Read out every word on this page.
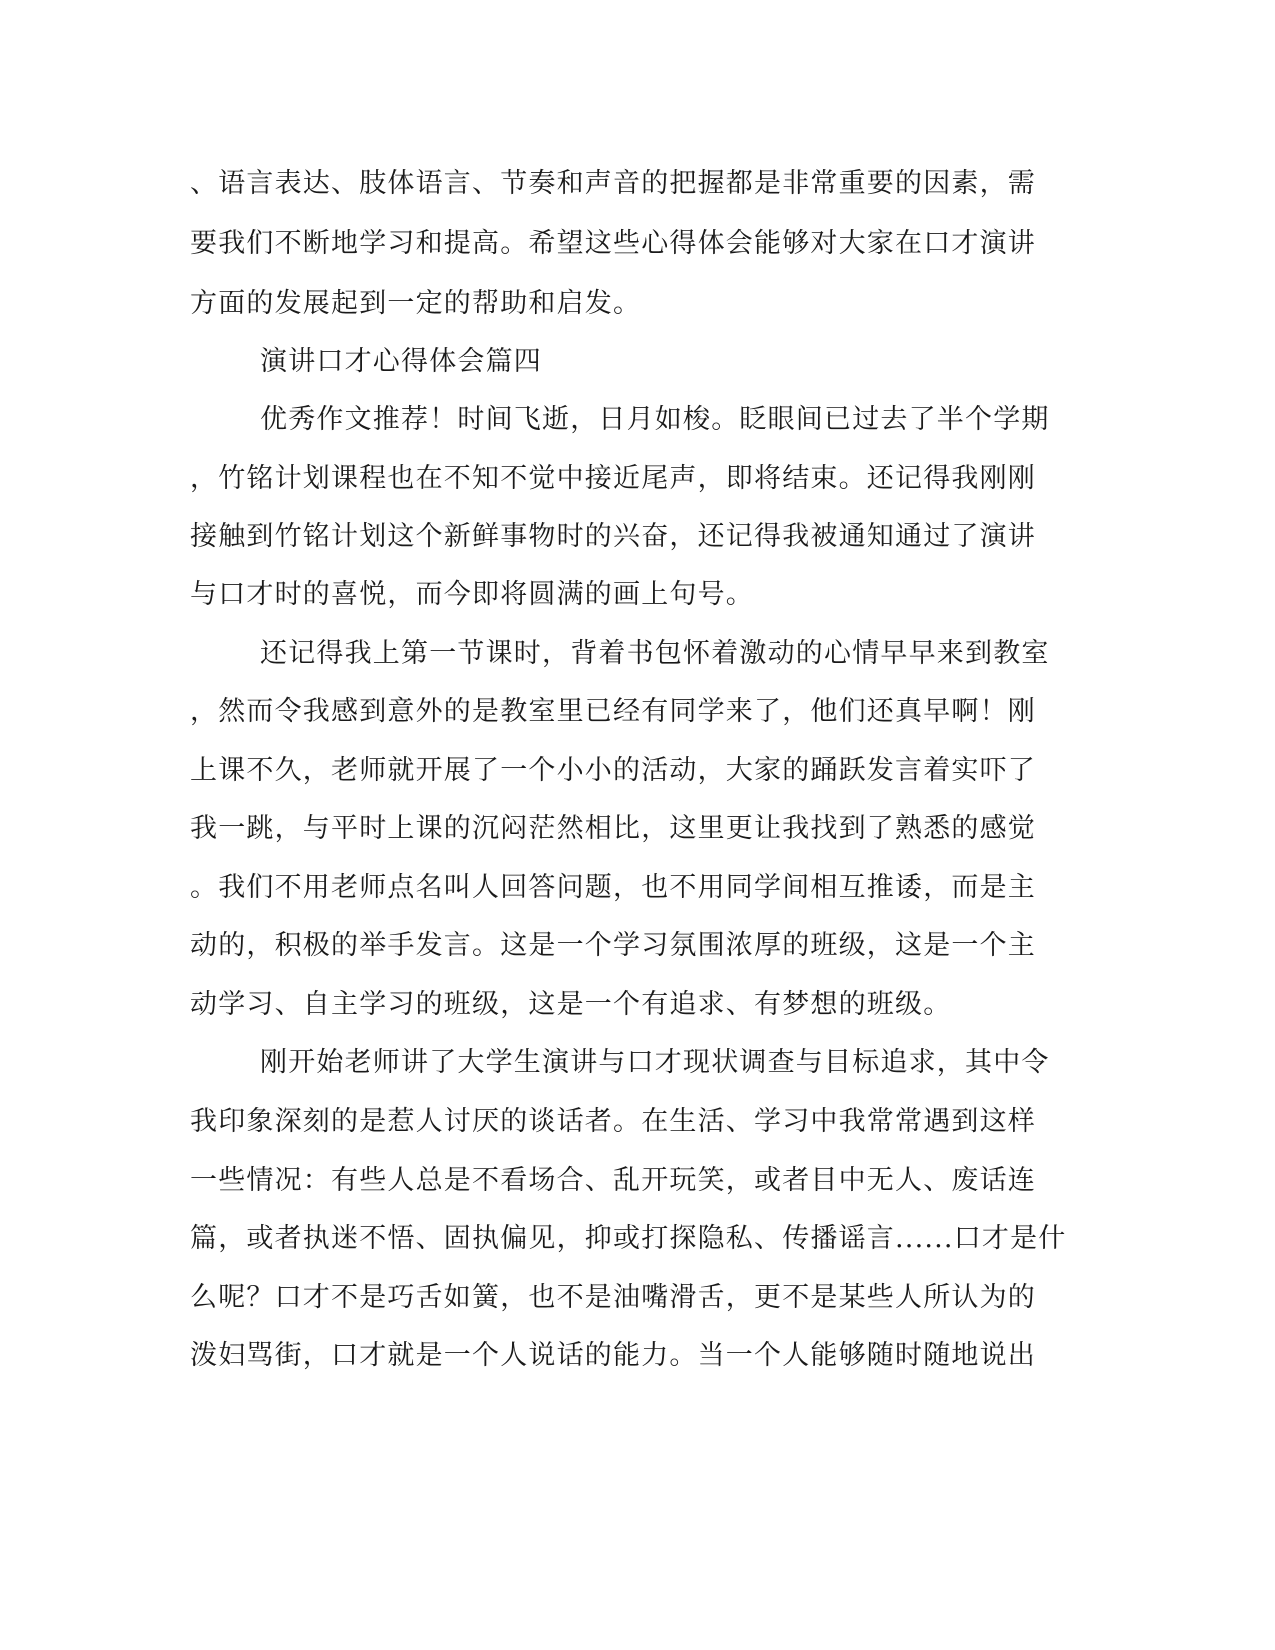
、语言表达、肢体语言、节奏和声音的把握都是非常重要的因素，需
要我们不断地学习和提高。希望这些心得体会能够对大家在口才演讲
方面的发展起到一定的帮助和启发。
演讲口才心得体会篇四
优秀作文推荐！时间飞逝，日月如梭。眨眼间已过去了半个学期
，竹铭计划课程也在不知不觉中接近尾声，即将结束。还记得我刚刚
接触到竹铭计划这个新鲜事物时的兴奋，还记得我被通知通过了演讲
与口才时的喜悦，而今即将圆满的画上句号。
还记得我上第一节课时，背着书包怀着激动的心情早早来到教室
，然而令我感到意外的是教室里已经有同学来了，他们还真早啊！刚
上课不久，老师就开展了一个小小的活动，大家的踊跃发言着实吓了
我一跳，与平时上课的沉闷茫然相比，这里更让我找到了熟悉的感觉
。我们不用老师点名叫人回答问题，也不用同学间相互推诿，而是主
动的，积极的举手发言。这是一个学习氛围浓厚的班级，这是一个主
动学习、自主学习的班级，这是一个有追求、有梦想的班级。
刚开始老师讲了大学生演讲与口才现状调查与目标追求，其中令
我印象深刻的是惹人讨厌的谈话者。在生活、学习中我常常遇到这样
一些情况：有些人总是不看场合、乱开玩笑，或者目中无人、废话连
篇，或者执迷不悟、固执偏见，抑或打探隐私、传播谣言......口才是什
么呢？口才不是巧舌如簧，也不是油嘴滑舌，更不是某些人所认为的
泼妇骂街，口才就是一个人说话的能力。当一个人能够随时随地说出
